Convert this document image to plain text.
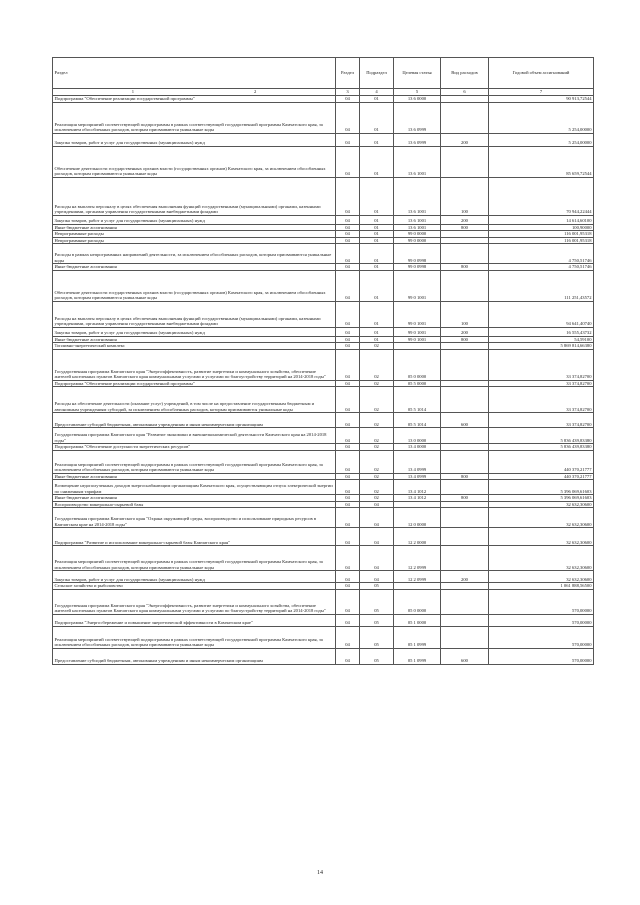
Раздел	Раздел	Подраздел	Целевая статья	Вид расходов	Годовой объем ассигнований
1 2	3	4	5	6	7
Подпрограмма "Обеспечение реализации государственной программы"	04	01	13 6 0000		90 913,72544
Реализация мероприятий соответствующей подпрограммы в рамках соответствующей государственной программы Камчатского края, за исключением обособленных расходов, которым присваиваются уникальные коды	04	01	13 6 0999		5 254,00000
Закупка товаров, работ и услуг для государственных (муниципальных) нужд	04	01	13 6 0999	200	5 254,00000
Обеспечение деятельности государственных органов власти (государственных органов) Камчатского края, за исключением обособленных расходов, которым присваиваются уникальные коды	04	01	13 6 1001		85 659,72544
Расходы на выплаты персоналу в целях обеспечения выполнения функций государственными (муниципальными) органами, казенными учреждениями, органами управления государственными внебюджетными фондами	04	01	13 6 1001	100	70 944,22444
Закупка товаров, работ и услуг для государственных (муниципальных) нужд	04	01	13 6 1001	200	14 614,60100
Иные бюджетные ассигнования	04	01	13 6 1001	800	100,90000
Непрограммные расходы	04	01	99 0 0000		116 001,95318
Непрограммные расходы	04	01	99 0 0000		116 001,95318
Расходы в рамках непрограммных направлений деятельности, за исключением обособленных расходов, которым присваиваются уникальные коды	04	01	99 0 0998		4 750,51746
Иные бюджетные ассигнования	04	01	99 0 0998	800	4 750,51746
Обеспечение деятельности государственных органов власти (государственных органов) Камчатского края, за исключением обособленных расходов, которым присваиваются уникальные коды	04	01	99 0 1001		111 251,43572
Расходы на выплаты персоналу в целях обеспечения выполнения функций государственными (муниципальными) органами, казенными учреждениями, органами управления государственными внебюджетными фондами	04	01	99 0 1001	100	94 641,40740
Закупка товаров, работ и услуг для государственных (муниципальных) нужд	04	01	99 0 1001	200	16 555,43732
Иные бюджетные ассигнования	04	01	99 0 1001	800	54,59100
Топливно-энергетический комплекс	04	02			5 869 814,66380
Государственная программа Камчатского края "Энергоэффективность, развитие энергетики и коммунального хозяйства, обеспечение жителей населенных пунктов Камчатского края коммунальными услугами и услугами по благоустройству территорий на 2014-2018 годы"	04	02	05 0 0000		33 374,82700
Подпрограмма "Обеспечение реализации государственной программы"	04	02	05 5 0000		33 374,82700
Расходы на обеспечение деятельности (оказание услуг) учреждений, в том числе на предоставление государственным бюджетным и автономным учреждениям субсидий, за исключением обособленных расходов, которым присваиваются уникальные коды	04	02	05 5 1014		33 374,82700
Предоставление субсидий бюджетным, автономным учреждениям и иным некоммерческим организациям	04	02	05 5 1014	600	33 374,82700
Государственная программа Камчатского края "Развитие экономики и внешнеэкономической деятельности Камчатского края на 2014-2018 годы"	04	02	13 0 0000		5 836 439,83380
Подпрограмма "Обеспечение доступности энергетических ресурсов"	04	02	13 4 0000		5 836 439,83380
Реализация мероприятий соответствующей подпрограммы в рамках соответствующей государственной программы Камчатского края, за исключением обособленных расходов, которым присваиваются уникальные коды	04	02	13 4 0999		440 370,21777
Иные бюджетные ассигнования	04	02	13 4 0999	800	440 370,21777
Возмещение недополученных доходов энергоснабжающим организациям Камчатского края, осуществляющим отпуск электрической энергии по сниженным тарифам	04	02	13 4 1012		5 396 069,61603
Иные бюджетные ассигнования	04	02	13 4 1012	800	5 396 069,61603
Воспроизводство минерально-сырьевой базы	04	04			32 632,30600
Государственная программа Камчатского края "Охрана окружающей среды, воспроизводство и использование природных ресурсов в Камчатском крае на 2014-2018 годы"	04	04	12 0 0000		32 632,30600
Подпрограмма "Развитие и использование минерально-сырьевой базы Камчатского края"	04	04	12 2 0000		32 632,30600
Реализация мероприятий соответствующей подпрограммы в рамках соответствующей государственной программы Камчатского края, за исключением обособленных расходов, которым присваиваются уникальные коды	04	04	12 2 0999		32 632,30600
Закупка товаров, работ и услуг для государственных (муниципальных) нужд	04	04	12 2 0999	200	32 632,30600
Сельское хозяйство и рыболовство	04	05			1 061 888,56500
Государственная программа Камчатского края "Энергоэффективность, развитие энергетики и коммунального хозяйства, обеспечение жителей населенных пунктов Камчатского края коммунальными услугами и услугами по благоустройству территорий на 2014-2018 годы"	04	05	05 0 0000		570,00000
Подпрограмма "Энергосбережение и повышение энергетической эффективности в Камчатском крае"	04	05	05 1 0000		570,00000
Реализация мероприятий соответствующей подпрограммы в рамках соответствующей государственной программы Камчатского края, за исключением обособленных расходов, которым присваиваются уникальные коды	04	05	05 1 0999		570,00000
Предоставление субсидий бюджетным, автономным учреждениям и иным некоммерческим организациям	04	05	05 1 0999	600	570,00000
14
